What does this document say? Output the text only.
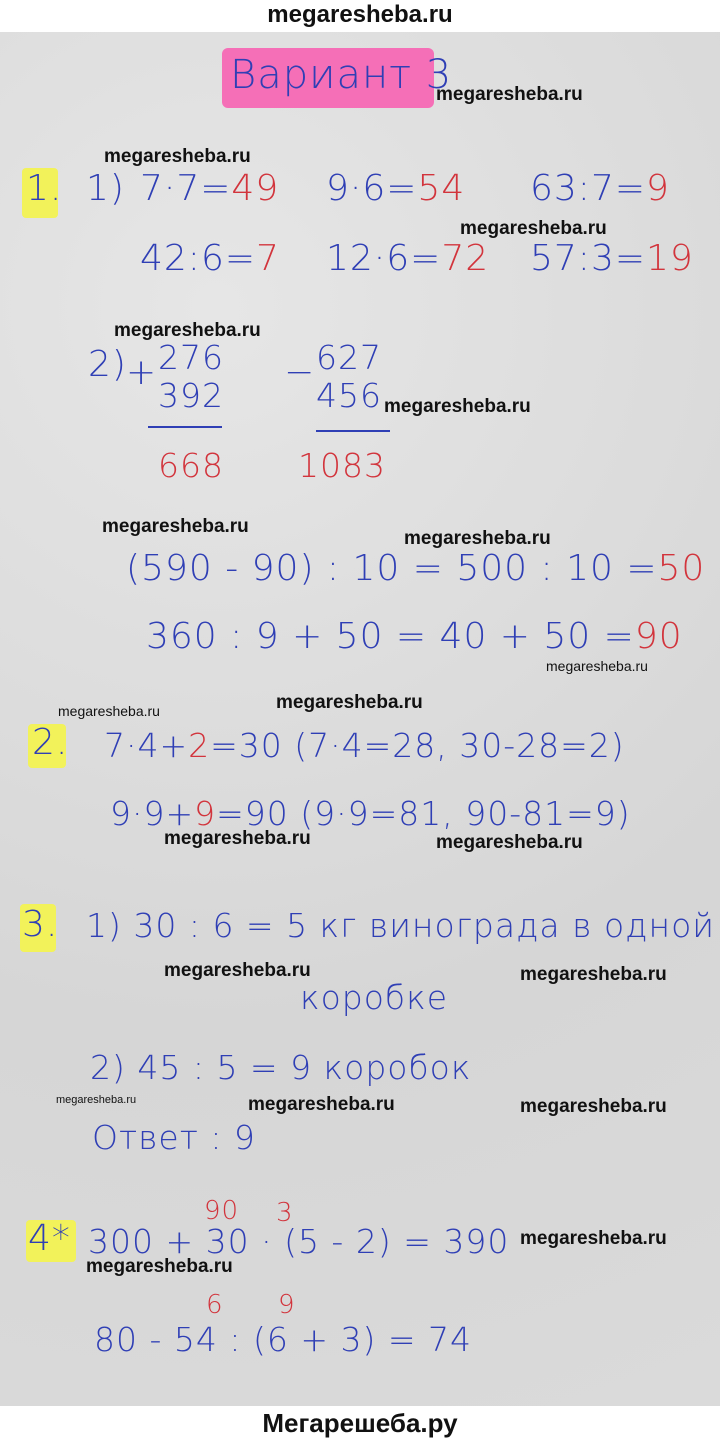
megaresheba.ru
Вариант 3
1. 1) 7·7=49 9·6=54 63:7=9
42:6=7 12·6=72 57:3=19
2) + 276
392
668
− 627
456
1083
(590 - 90) : 10 = 500 : 10 =50
360 : 9 + 50 = 40 + 50 =90
2. 7·4+2=30 (7·4=28, 30-28=2)
9·9+9=90 (9·9=81, 90-81=9)
3. 1) 30 : 6 = 5 кг винограда в одной
коробке
2) 45 : 5 = 9 коробок
Ответ : 9
4*
90 3
300 + 30 · (5 - 2) = 390
6 9
80 - 54 : (6 + 3) = 74
megaresheba.ru
megaresheba.ru
megaresheba.ru
megaresheba.ru
megaresheba.ru
megaresheba.ru
megaresheba.ru
megaresheba.ru
megaresheba.ru	megaresheba.ru
megaresheba.ru	megaresheba.ru
megaresheba.ru	megaresheba.ru
megaresheba.ru	megaresheba.ru	megaresheba.ru
megaresheba.ru
megaresheba.ru
Мегарешеба.ру
